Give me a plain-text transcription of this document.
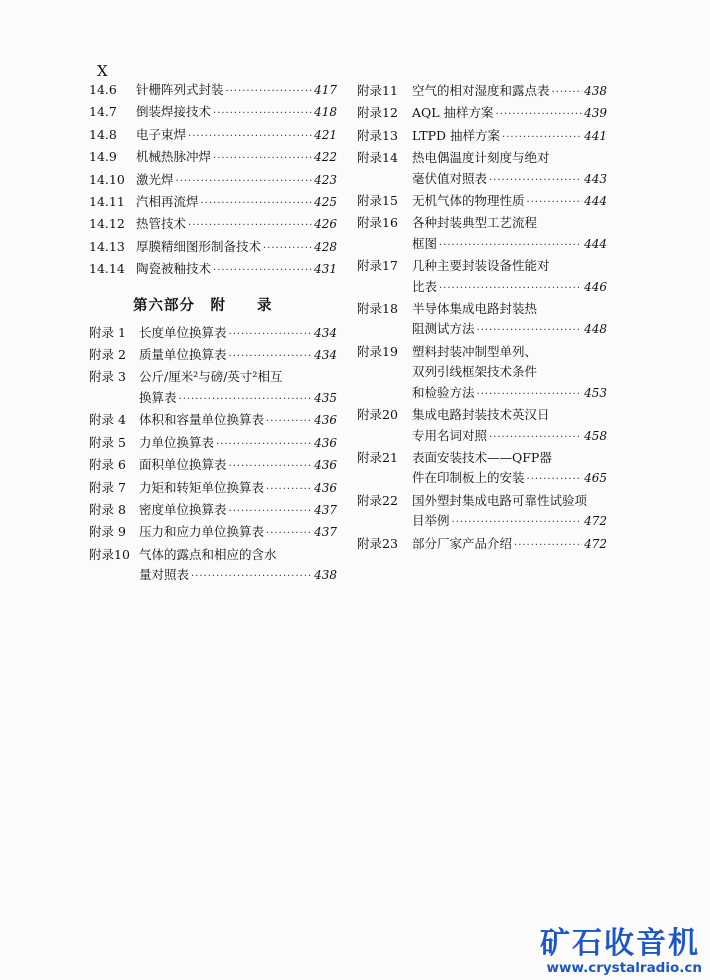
X
14.6	针栅阵列式封装 ·····	417
14.7	倒装焊接技术 ·····	418
14.8	电子束焊 ·····	421
14.9	机械热脉冲焊 ·····	422
14.10 激光焊 ·····	423
14.11 汽相再流焊 ·····	425
14.12 热管技术 ·····	426
14.13 厚膜精细图形制备技术 ·····	428
14.14 陶瓷被釉技术 ·····	431
第六部分　附　　录
附录 1	长度单位换算表 ·····	434
附录 2	质量单位换算表 ·····	434
附录 3	公斤/厘米²与磅/英寸²相互
换算表 ·····	435
附录 4	体积和容量单位换算表 ·····	436
附录 5	力单位换算表 ·····	436
附录 6	面积单位换算表 ·····	436
附录 7	力矩和转矩单位换算表 ·····	436
附录 8	密度单位换算表 ·····	437
附录 9	压力和应力单位换算表 ·····	437
附录10 气体的露点和相应的含水
量对照表 ·····	438
附录11	空气的相对湿度和露点表 ·····	438
附录12	AQL 抽样方案 ·····	439
附录13	LTPD 抽样方案 ·····	441
附录14	热电偶温度计刻度与绝对
毫伏值对照表 ·····	443
附录15	无机气体的物理性质 ·····	444
附录16	各种封装典型工艺流程
框图 ·····	444
附录17	几种主要封装设备性能对
比表 ·····	446
附录18	半导体集成电路封装热
阻测试方法 ·····	448
附录19	塑料封装冲制型单列、
双列引线框架技术条件
和检验方法 ·····	453
附录20	集成电路封装技术英汉日
专用名词对照 ·····	458
附录21	表面安装技术——QFP器
件在印制板上的安装 ·····	465
附录22	国外塑封集成电路可靠性试验项
目举例 ·····	472
附录23	部分厂家产品介绍 ·····	472
矿石收音机
www.crystalradio.cn
